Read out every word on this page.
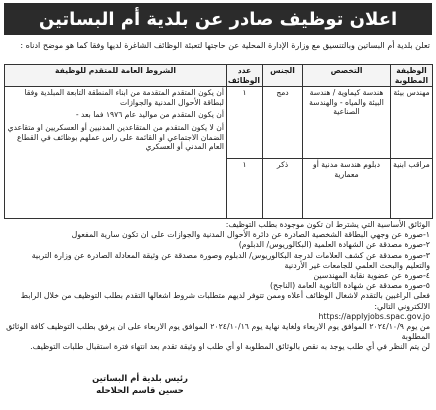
اعلان توظيف صادر عن بلدية أم البساتين
تعلن بلدية أم البساتين وبالتنسيق مع وزارة الإدارة المحلية عن حاجتها لتعبئة الوظائف الشاغرة لديها وفقا كما هو موضح ادناه :
الوظيفة المطلوبة	التخصص	الجنس	عدد الوظائف	الشروط العامة للمتقدم للوظيفة
مهندس بيئة	هندسة كيماوية / هندسة البيئة والمياه - والهندسة الصناعية	دمج	١	أن يكون المتقدم المتقدمة من ابناء المنطقة التابعة المبلدية وفقا لبطاقة الأحوال المدنية والجوازات

أن يكون المتقدم من مواليد عام ١٩٧٦ فما بعد -

أن لا يكون المتقدم من المتقاعدين المدنيين أو العسكريين او متقاعدي الضمان الاجتماعي او القائمة على راس عملهم بوظائف في القطاع العام المدني أو العسكري

مراقب ابنية	دبلوم هندسة مدنية أو معمارية	ذكر	١	

الوثائق الأساسية التي يشترط ان تكون موجودة بطلب التوظيف:

١-صورة عن وجهي البطاقة الشخصية الصادرة عن دائرة الأحوال المدنية والجوازات على ان تكون سارية المفعول

٢-صورة مصدقة عن الشهادة العلمية (البكالوريوس/ الدبلوم)

٣-صورة مصدقة عن كشف العلامات لدرجة البكالوريوس/ الدبلوم وصورة مصدقة عن وثيقة المعادلة الصادرة عن وزارة التربية والتعليم والبحث العلمي للجامعات غير الأردنية

٤-صورة عن عضوية نقابة المهندسين

٥-صورة مصدقة عن شهادة الثانوية العامة (الناجح)

فعلى الراغبين بالتقدم لاشغال الوظائف أعلاه وممن تتوفر لديهم متطلبات شروط اشغالها التقدم بطلب التوظيف من خلال الرابط الالكتروني التالي:

https://applyjobs.spac.gov.jo

من يوم ٢٠٢٤/١٠/٩ الموافق يوم الاربعاء ولغاية نهاية يوم ٢٠٢٤/١٠/١٦ الموافق يوم الاربعاء على ان يرفق بطلب التوظيف كافة الوثائق المطلوبة

لن يتم النظر في أي طلب يوجد به نقص بالوثائق المطلوبة او أي طلب او وثيقة تقدم بعد انتهاء فترة استقبال طلبات التوظيف.

رئيس بلدية أم البساتين
حسين قاسم الحلاحله
